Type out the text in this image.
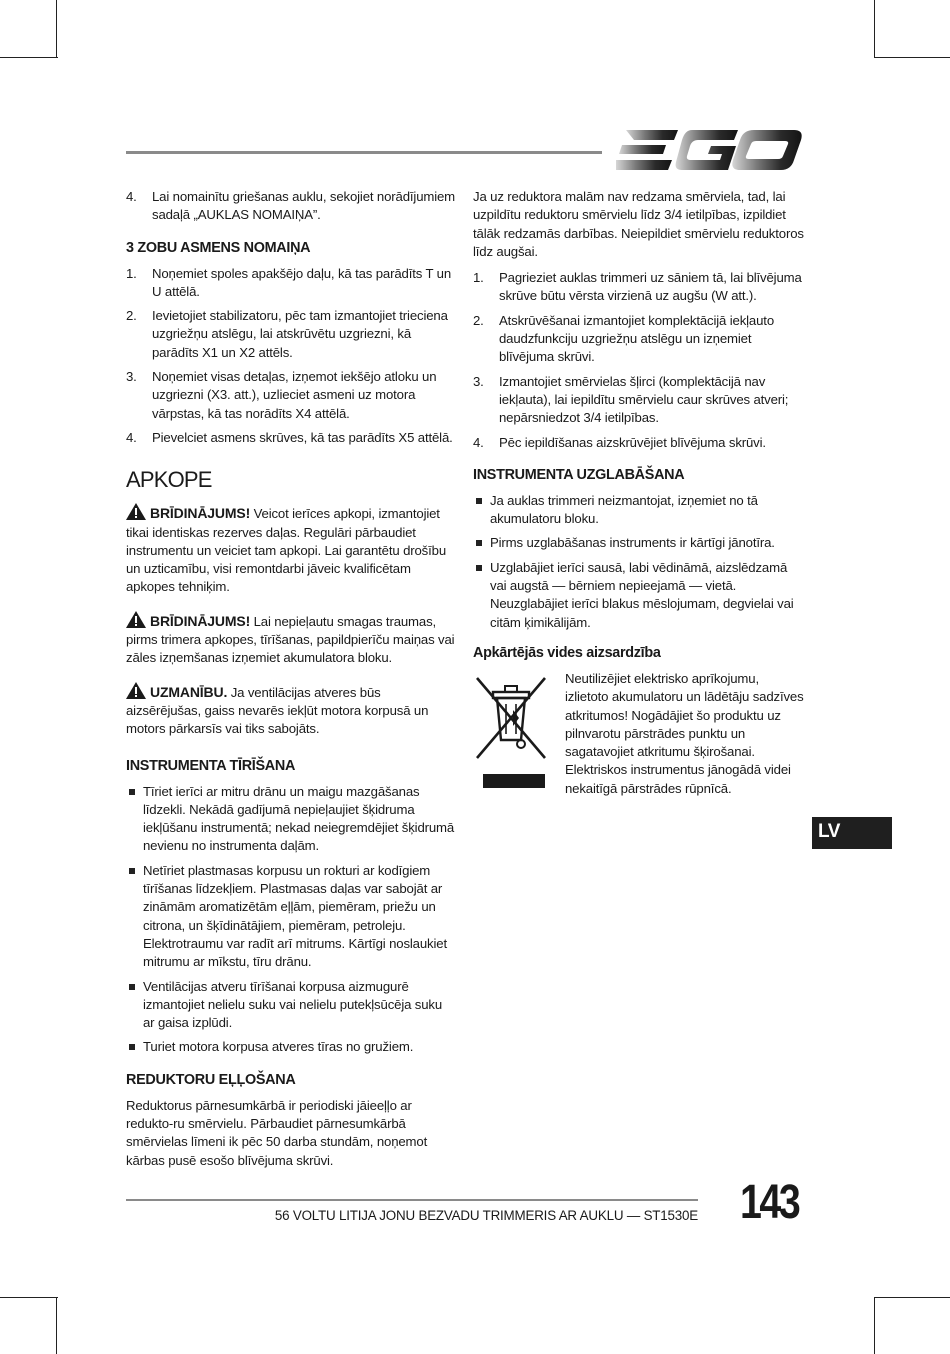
4. Lai nomainītu griešanas auklu, sekojiet norādījumiem sadaļā „AUKLAS NOMAIŅA”.
3 ZOBU ASMENS NOMAIŅA
1. Noņemiet spoles apakšējo daļu, kā tas parādīts T un U attēlā.
2. Ievietojiet stabilizatoru, pēc tam izmantojiet trieciena uzgriežņu atslēgu, lai atskrūvētu uzgriezni, kā parādīts X1 un X2 attēls.
3. Noņemiet visas detaļas, izņemot iekšējo atloku un uzgriezni (X3. att.), uzlieciet asmeni uz motora vārpstas, kā tas norādīts X4 attēlā.
4. Pievelciet asmens skrūves, kā tas parādīts X5 attēlā.
APKOPE

BRĪDINĀJUMS! Veicot ierīces apkopi, izmantojiet tikai identiskas rezerves daļas. Regulāri pārbaudiet instrumentu un veiciet tam apkopi. Lai garantētu drošību un uzticamību, visi remontdarbi jāveic kvalificētam apkopes tehniķim.

BRĪDINĀJUMS! Lai nepieļautu smagas traumas, pirms trimera apkopes, tīrīšanas, papildpierīču maiņas vai zāles izņemšanas izņemiet akumulatora bloku.

UZMANĪBU. Ja ventilācijas atveres būs aizsērējušas, gaiss nevarēs iekļūt motora korpusā un motors pārkarsīs vai tiks sabojāts.

INSTRUMENTA TĪRĪŠANA
Tīriet ierīci ar mitru drānu un maigu mazgāšanas līdzekli. Nekādā gadījumā nepieļaujiet šķidruma iekļūšanu instrumentā; nekad neiegremdējiet šķidrumā nevienu no instrumenta daļām.
Netīriet plastmasas korpusu un rokturi ar kodīgiem tīrīšanas līdzekļiem. Plastmasas daļas var sabojāt ar zināmām aromatizētām eļļām, piemēram, priežu un citrona, un šķīdinātājiem, piemēram, petroleju. Elektrotraumu var radīt arī mitrums. Kārtīgi noslaukiet mitrumu ar mīkstu, tīru drānu.
Ventilācijas atveru tīrīšanai korpusa aizmugurē izmantojiet nelielu suku vai nelielu putekļsūcēja suku ar gaisa izplūdi.
Turiet motora korpusa atveres tīras no gružiem.
REDUKTORU EĻĻOŠANA

Reduktorus pārnesumkārbā ir periodiski jāieeļļo ar redukto-ru smērvielu. Pārbaudiet pārnesumkārbā smērvielas līmeni ik pēc 50 darba stundām, noņemot kārbas pusē esošo blīvējuma skrūvi.

Ja uz reduktora malām nav redzama smērviela, tad, lai uzpildītu reduktoru smērvielu līdz 3/4 ietilpības, izpildiet tālāk redzamās darbības. Neiepildiet smērvielu reduktoros līdz augšai.

1. Pagrieziet auklas trimmeri uz sāniem tā, lai blīvējuma skrūve būtu vērsta virzienā uz augšu (W att.).
2. Atskrūvēšanai izmantojiet komplektācijā iekļauto daudzfunkciju uzgriežņu atslēgu un izņemiet blīvējuma skrūvi.
3. Izmantojiet smērvielas šļirci (komplektācijā nav iekļauta), lai iepildītu smērvielu caur skrūves atveri; nepārsniedzot 3/4 ietilpības.
4. Pēc iepildīšanas aizskrūvējiet blīvējuma skrūvi.
INSTRUMENTA UZGLABĀŠANA
Ja auklas trimmeri neizmantojat, izņemiet no tā akumulatoru bloku.
Pirms uzglabāšanas instruments ir kārtīgi jānotīra.
Uzglabājiet ierīci sausā, labi vēdināmā, aizslēdzamā vai augstā — bērniem nepieejamā — vietā. Neuzglabājiet ierīci blakus mēslojumam, degvielai vai citām ķimikālijām.
Apkārtējās vides aizsardzība
Neutilizējiet elektrisko aprīkojumu, izlietoto akumulatoru un lādētāju sadzīves atkritumos! Nogādājiet šo produktu uz pilnvarotu pārstrādes punktu un sagatavojiet atkritumu šķirošanai. Elektriskos instrumentus jānogādā videi nekaitīgā pārstrādes rūpnīcā.
LV
56 VOLTU LITIJA JONU BEZVADU TRIMMERIS AR AUKLU — ST1530E 143
